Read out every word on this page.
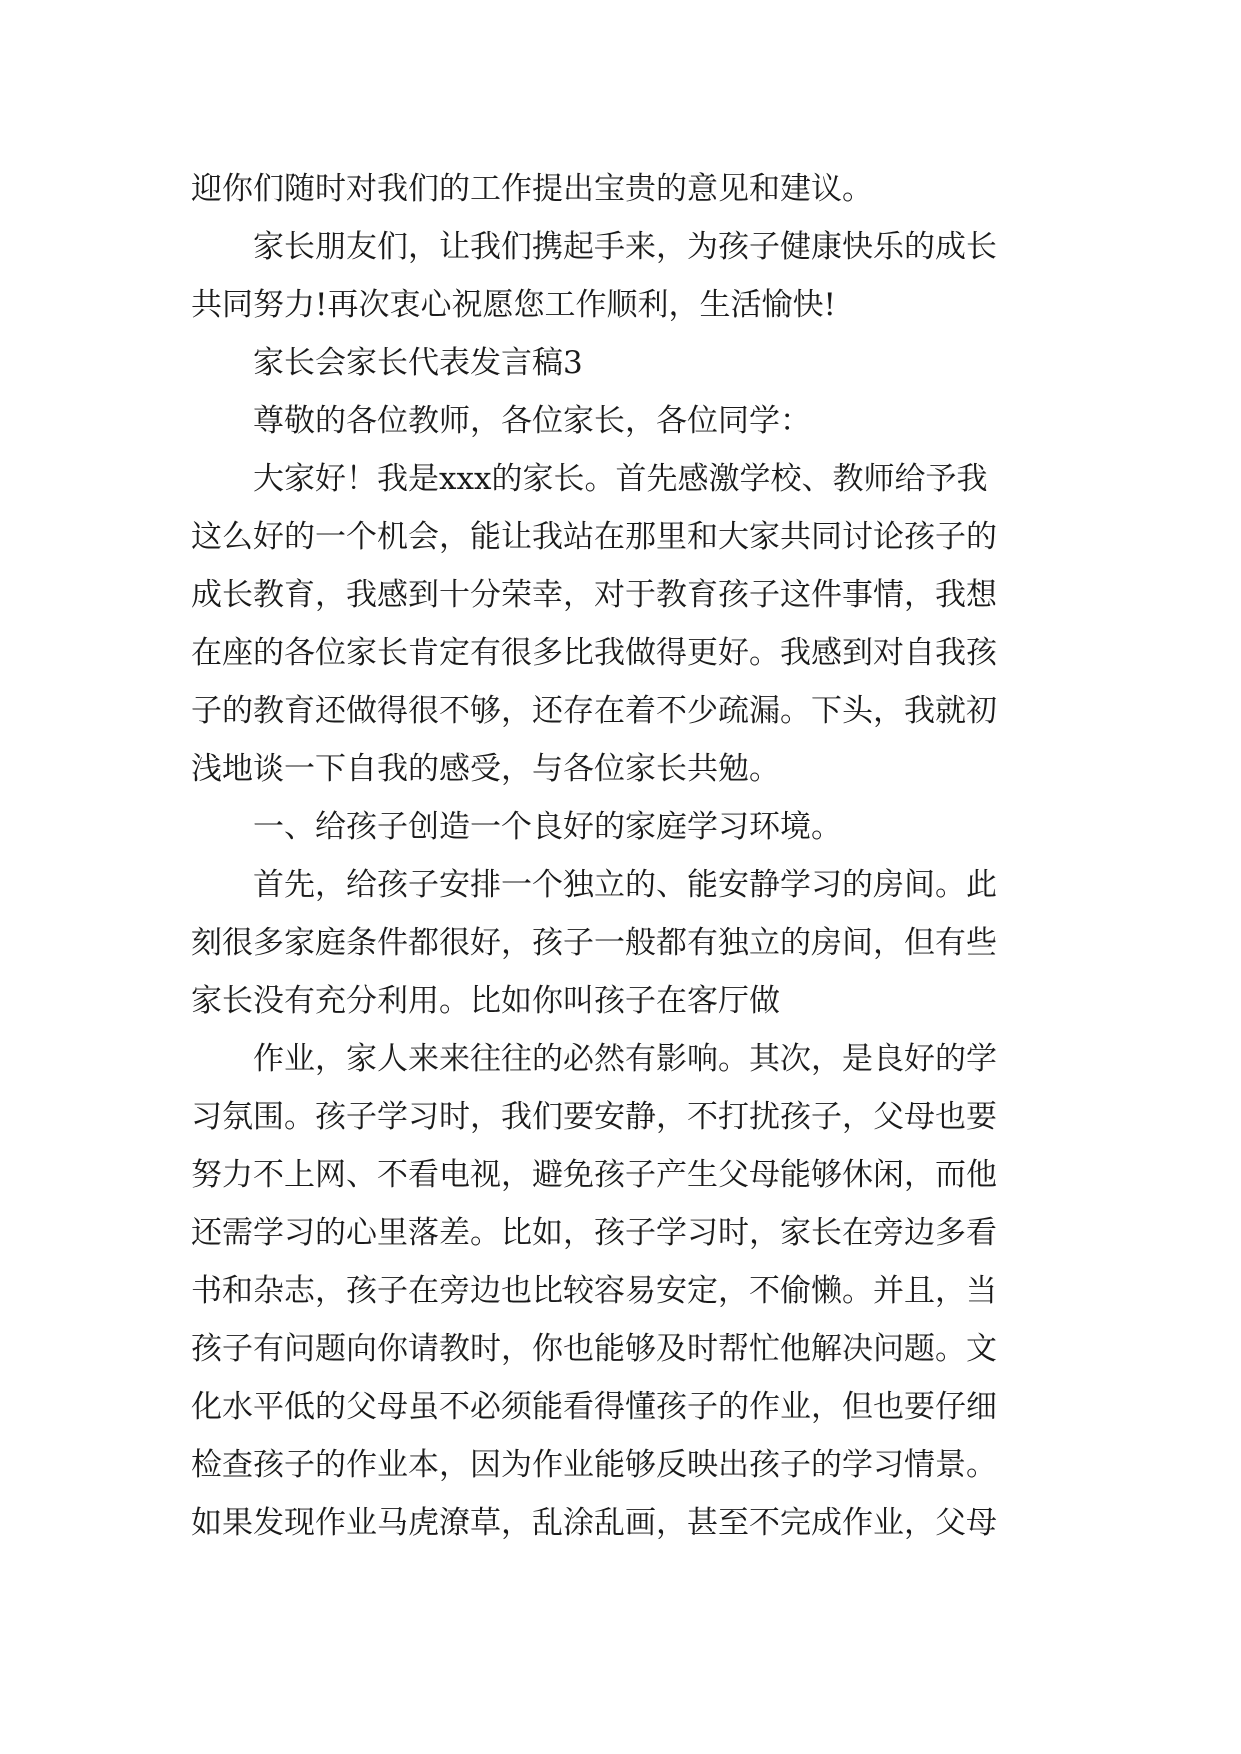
迎你们随时对我们的工作提出宝贵的意见和建议。
家长朋友们，让我们携起手来，为孩子健康快乐的成长
共同努力!再次衷心祝愿您工作顺利，生活愉快!
家长会家长代表发言稿3
尊敬的各位教师，各位家长，各位同学：
大家好！我是xxx的家长。首先感激学校、教师给予我
这么好的一个机会，能让我站在那里和大家共同讨论孩子的
成长教育，我感到十分荣幸，对于教育孩子这件事情，我想
在座的各位家长肯定有很多比我做得更好。我感到对自我孩
子的教育还做得很不够，还存在着不少疏漏。下头，我就初
浅地谈一下自我的感受，与各位家长共勉。
一、给孩子创造一个良好的家庭学习环境。
首先，给孩子安排一个独立的、能安静学习的房间。此
刻很多家庭条件都很好，孩子一般都有独立的房间，但有些
家长没有充分利用。比如你叫孩子在客厅做
作业，家人来来往往的必然有影响。其次，是良好的学
习氛围。孩子学习时，我们要安静，不打扰孩子，父母也要
努力不上网、不看电视，避免孩子产生父母能够休闲，而他
还需学习的心里落差。比如，孩子学习时，家长在旁边多看
书和杂志，孩子在旁边也比较容易安定，不偷懒。并且，当
孩子有问题向你请教时，你也能够及时帮忙他解决问题。文
化水平低的父母虽不必须能看得懂孩子的作业，但也要仔细
检查孩子的作业本，因为作业能够反映出孩子的学习情景。
如果发现作业马虎潦草，乱涂乱画，甚至不完成作业，父母
